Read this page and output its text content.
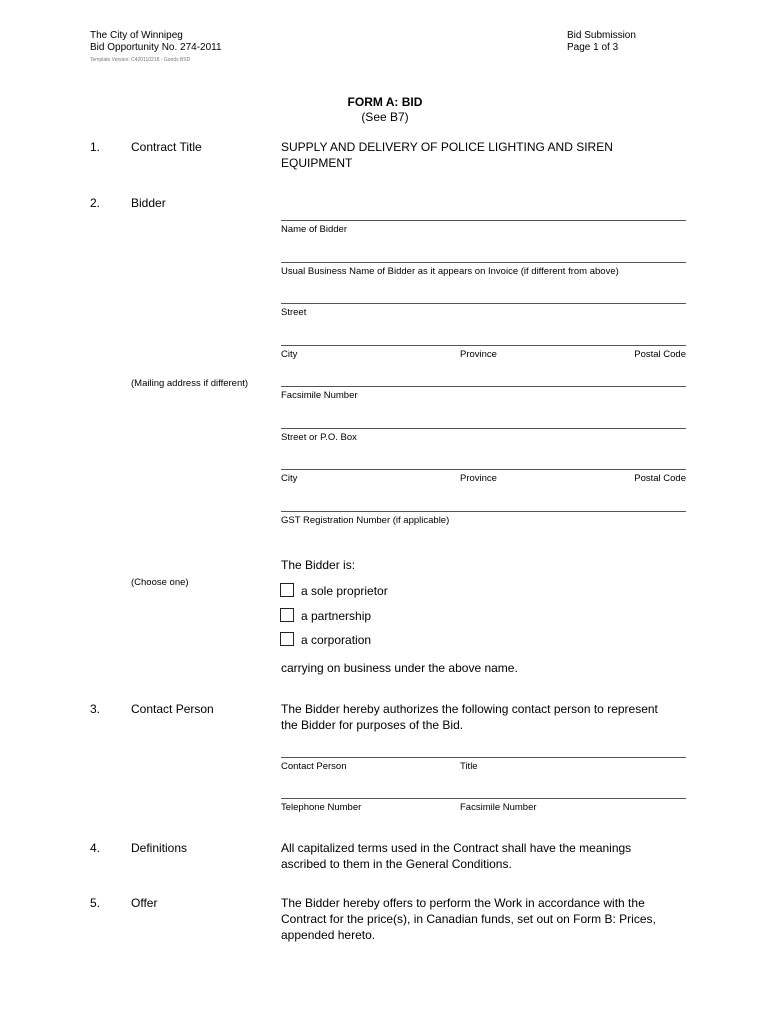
The City of Winnipeg
Bid Opportunity No. 274-2011
Template Version: C420110218 - Goods BSD
Bid Submission
Page 1 of 3
FORM A: BID
(See B7)
1.	Contract Title	SUPPLY AND DELIVERY OF POLICE LIGHTING AND SIREN
EQUIPMENT
2.	Bidder
Name of Bidder
Usual Business Name of Bidder as it appears on Invoice (if different from above)
Street
City	Province	Postal Code
(Mailing address if different)
Facsimile Number
Street or P.O. Box
City	Province	Postal Code
GST Registration Number (if applicable)
The Bidder is:
(Choose one)
a sole proprietor
a partnership
a corporation
carrying on business under the above name.
3.	Contact Person	The Bidder hereby authorizes the following contact person to represent
the Bidder for purposes of the Bid.
Contact Person	Title
Telephone Number	Facsimile Number
4.	Definitions	All capitalized terms used in the Contract shall have the meanings
ascribed to them in the General Conditions.
5.	Offer	The Bidder hereby offers to perform the Work in accordance with the
Contract for the price(s), in Canadian funds, set out on Form B: Prices,
appended hereto.
